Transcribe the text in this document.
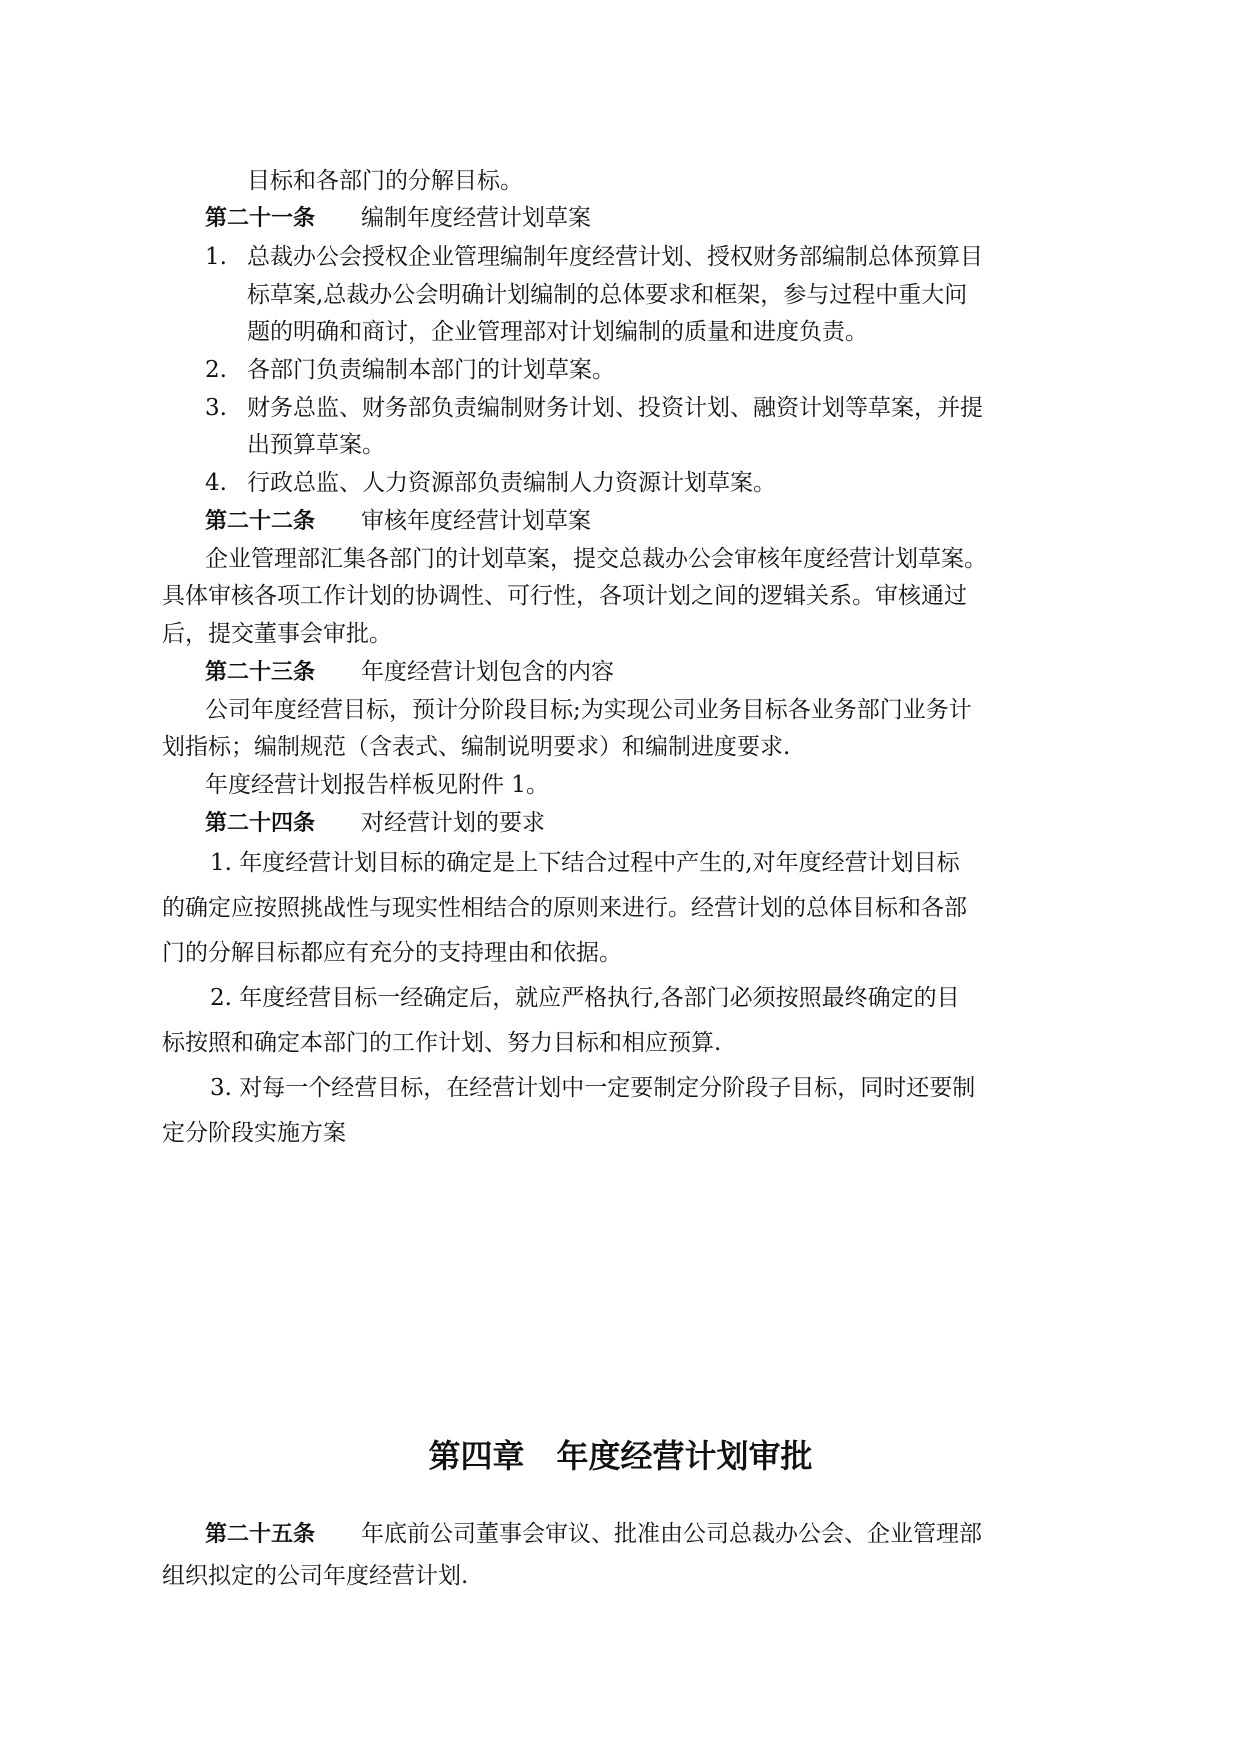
目标和各部门的分解目标。
第二十一条 编制年度经营计划草案
1. 总裁办公会授权企业管理编制年度经营计划、授权财务部编制总体预算目
标草案,总裁办公会明确计划编制的总体要求和框架，参与过程中重大问
题的明确和商讨，企业管理部对计划编制的质量和进度负责。
2. 各部门负责编制本部门的计划草案。
3. 财务总监、财务部负责编制财务计划、投资计划、融资计划等草案，并提
出预算草案。
4. 行政总监、人力资源部负责编制人力资源计划草案。
第二十二条 审核年度经营计划草案
企业管理部汇集各部门的计划草案，提交总裁办公会审核年度经营计划草案。
具体审核各项工作计划的协调性、可行性，各项计划之间的逻辑关系。审核通过
后，提交董事会审批。
第二十三条 年度经营计划包含的内容
公司年度经营目标，预计分阶段目标;为实现公司业务目标各业务部门业务计
划指标；编制规范（含表式、编制说明要求）和编制进度要求.
年度经营计划报告样板见附件 1。
第二十四条 对经营计划的要求
1. 年度经营计划目标的确定是上下结合过程中产生的,对年度经营计划目标
的确定应按照挑战性与现实性相结合的原则来进行。经营计划的总体目标和各部
门的分解目标都应有充分的支持理由和依据。
2. 年度经营目标一经确定后，就应严格执行,各部门必须按照最终确定的目
标按照和确定本部门的工作计划、努力目标和相应预算.
3. 对每一个经营目标，在经营计划中一定要制定分阶段子目标，同时还要制
定分阶段实施方案
第四章　年度经营计划审批
第二十五条 年底前公司董事会审议、批准由公司总裁办公会、企业管理部
组织拟定的公司年度经营计划.
